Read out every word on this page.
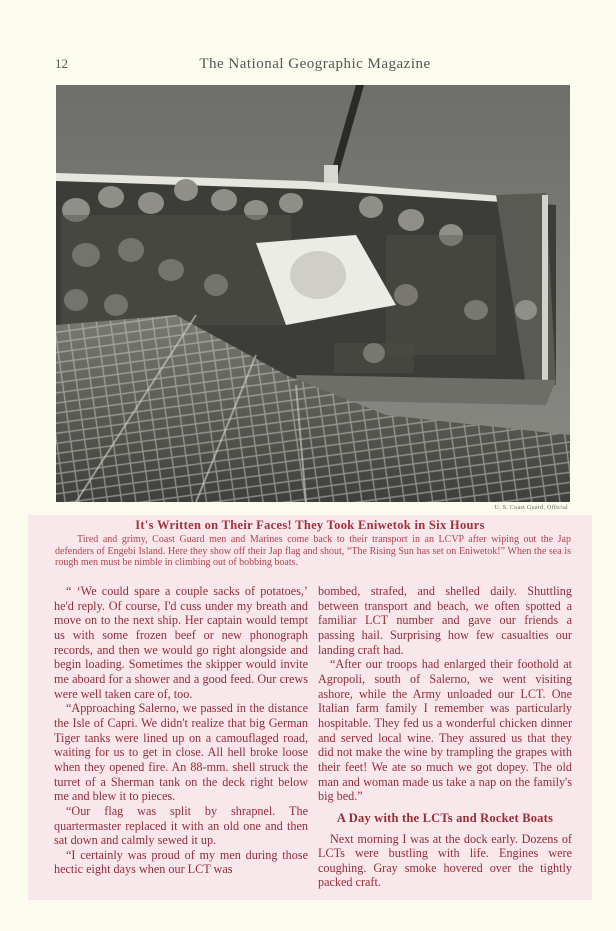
12	The National Geographic Magazine
U. S. Coast Guard, Official
It's Written on Their Faces! They Took Eniwetok in Six Hours
Tired and grimy, Coast Guard men and Marines come back to their transport in an LCVP after wiping out the Jap defenders of Engebi Island. Here they show off their Jap flag and shout, “The Rising Sun has set on Eniwetok!” When the sea is rough men must be nimble in climbing out of bobbing boats.

“ ‘We could spare a couple sacks of potatoes,’ he'd reply. Of course, I'd cuss under my breath and move on to the next ship. Her captain would tempt us with some frozen beef or new phonograph records, and then we would go right alongside and begin loading. Sometimes the skipper would invite me aboard for a shower and a good feed. Our crews were well taken care of, too.

“Approaching Salerno, we passed in the distance the Isle of Capri. We didn't realize that big German Tiger tanks were lined up on a camouflaged road, waiting for us to get in close. All hell broke loose when they opened fire. An 88-mm. shell struck the turret of a Sherman tank on the deck right below me and blew it to pieces.

“Our flag was split by shrapnel. The quartermaster replaced it with an old one and then sat down and calmly sewed it up.

“I certainly was proud of my men during those hectic eight days when our LCT was

bombed, strafed, and shelled daily. Shuttling between transport and beach, we often spotted a familiar LCT number and gave our friends a passing hail. Surprising how few casualties our landing craft had.

“After our troops had enlarged their foothold at Agropoli, south of Salerno, we went visiting ashore, while the Army unloaded our LCT. One Italian farm family I remember was particularly hospitable. They fed us a wonderful chicken dinner and served local wine. They assured us that they did not make the wine by trampling the grapes with their feet! We ate so much we got dopey. The old man and woman made us take a nap on the family's big bed.”

A Day with the LCTs and Rocket Boats

Next morning I was at the dock early. Dozens of LCTs were bustling with life. Engines were coughing. Gray smoke hovered over the tightly packed craft.
